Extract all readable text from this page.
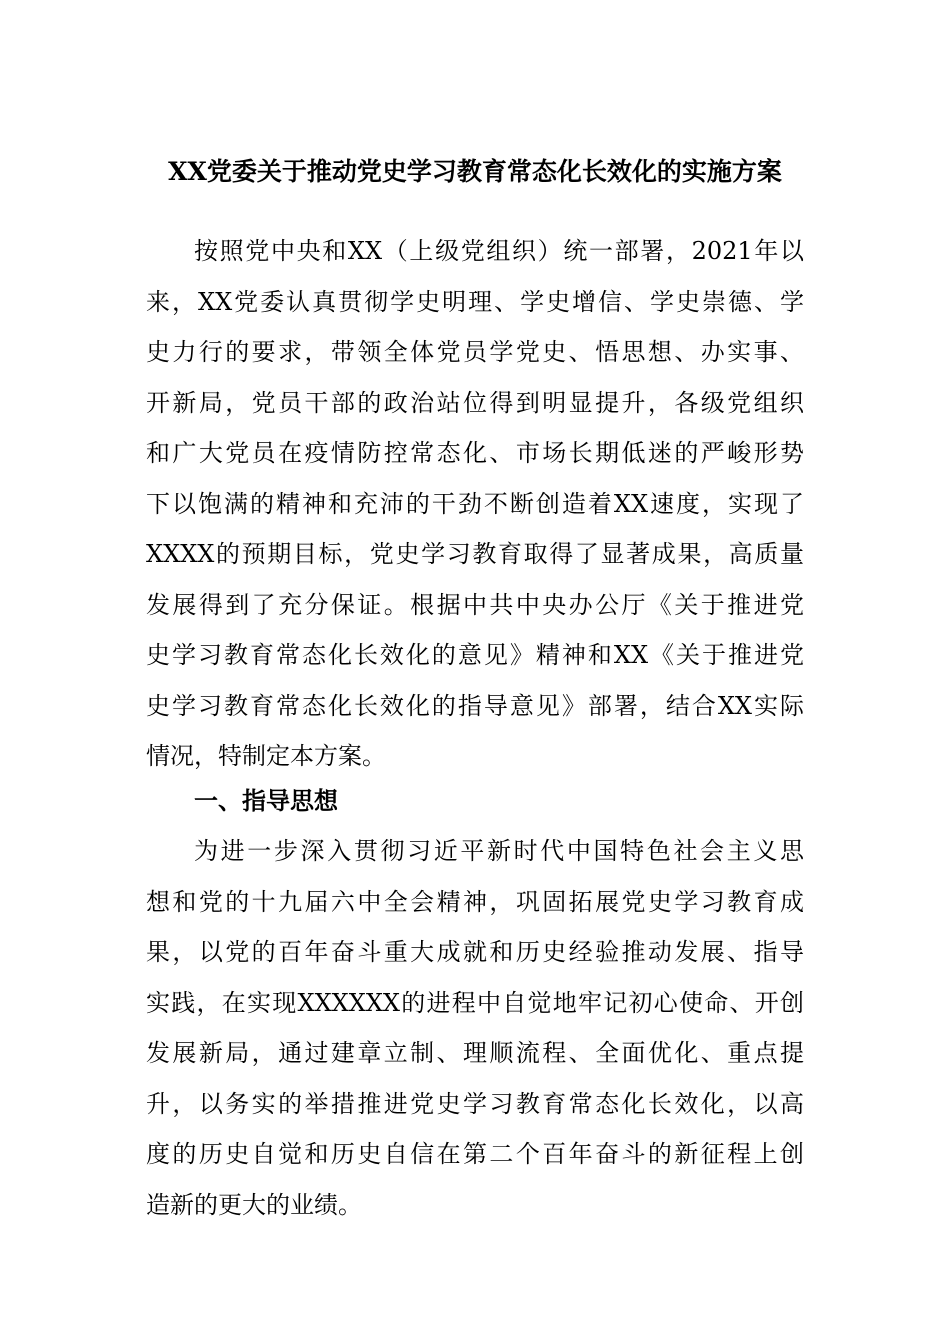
XX党委关于推动党史学习教育常态化长效化的实施方案
按照党中央和XX（上级党组织）统一部署，2021年以
来，XX党委认真贯彻学史明理、学史增信、学史崇德、学
史力行的要求，带领全体党员学党史、悟思想、办实事、
开新局，党员干部的政治站位得到明显提升，各级党组织
和广大党员在疫情防控常态化、市场长期低迷的严峻形势
下以饱满的精神和充沛的干劲不断创造着XX速度，实现了
XXXX的预期目标，党史学习教育取得了显著成果，高质量
发展得到了充分保证。根据中共中央办公厅《关于推进党
史学习教育常态化长效化的意见》精神和XX《关于推进党
史学习教育常态化长效化的指导意见》部署，结合XX实际
情况，特制定本方案。
一、指导思想
为进一步深入贯彻习近平新时代中国特色社会主义思
想和党的十九届六中全会精神，巩固拓展党史学习教育成
果，以党的百年奋斗重大成就和历史经验推动发展、指导
实践，在实现XXXXXX的进程中自觉地牢记初心使命、开创
发展新局，通过建章立制、理顺流程、全面优化、重点提
升，以务实的举措推进党史学习教育常态化长效化，以高
度的历史自觉和历史自信在第二个百年奋斗的新征程上创
造新的更大的业绩。
